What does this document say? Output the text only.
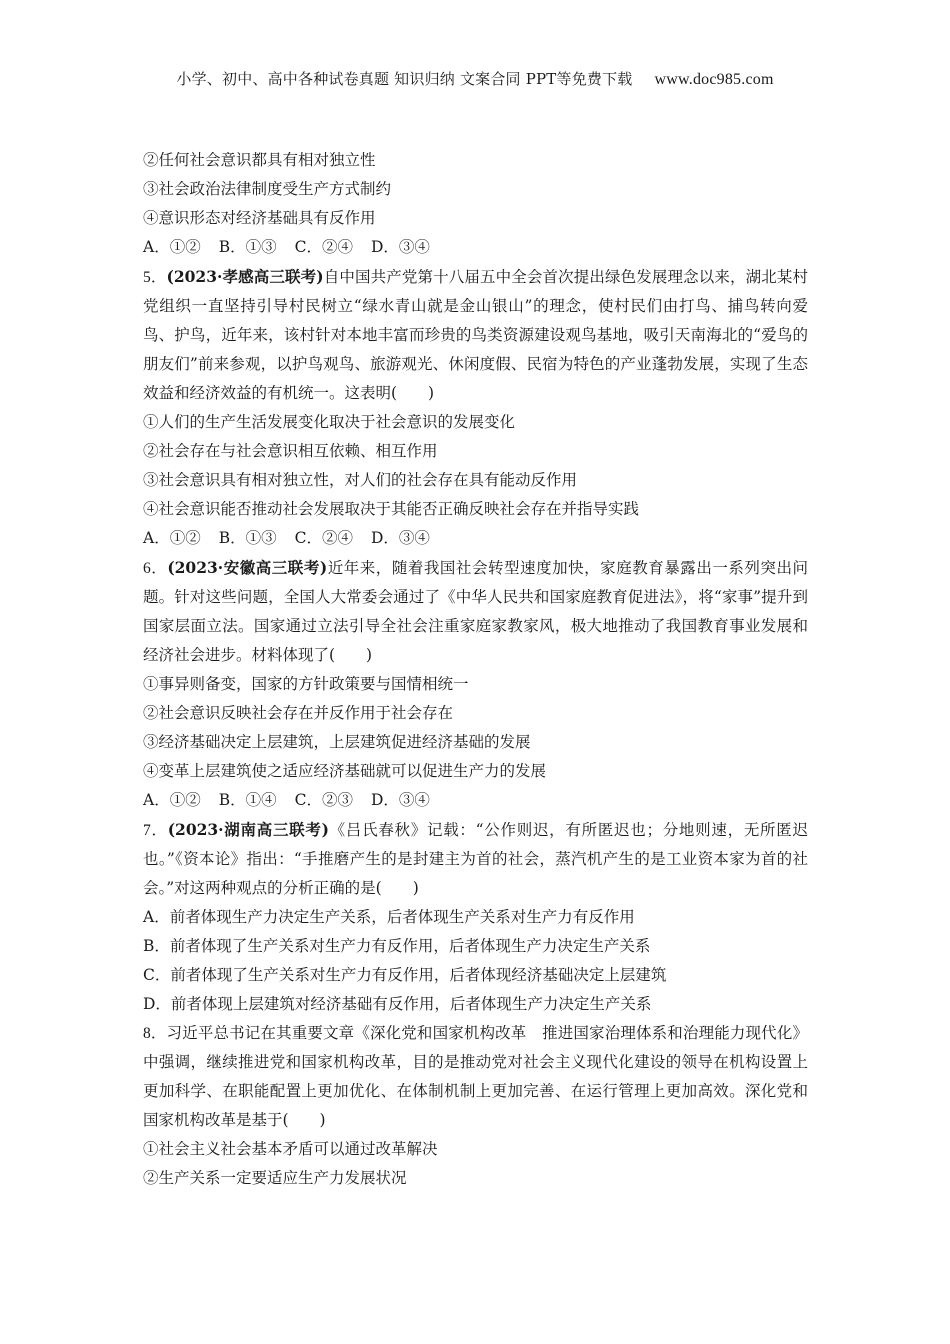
小学、初中、高中各种试卷真题 知识归纳 文案合同 PPT等免费下载 www.doc985.com
②任何社会意识都具有相对独立性
③社会政治法律制度受生产方式制约
④意识形态对经济基础具有反作用
A．①② B．①③ C．②④ D．③④
5．(2023·孝感高三联考)自中国共产党第十八届五中全会首次提出绿色发展理念以来，湖北某村党组织一直坚持引导村民树立“绿水青山就是金山银山”的理念，使村民们由打鸟、捕鸟转向爱鸟、护鸟，近年来，该村针对本地丰富而珍贵的鸟类资源建设观鸟基地，吸引天南海北的“爱鸟的朋友们”前来参观，以护鸟观鸟、旅游观光、休闲度假、民宿为特色的产业蓬勃发展，实现了生态效益和经济效益的有机统一。这表明(　　)
①人们的生产生活发展变化取决于社会意识的发展变化
②社会存在与社会意识相互依赖、相互作用
③社会意识具有相对独立性，对人们的社会存在具有能动反作用
④社会意识能否推动社会发展取决于其能否正确反映社会存在并指导实践
A．①② B．①③ C．②④ D．③④
6．(2023·安徽高三联考)近年来，随着我国社会转型速度加快，家庭教育暴露出一系列突出问题。针对这些问题，全国人大常委会通过了《中华人民共和国家庭教育促进法》，将“家事”提升到国家层面立法。国家通过立法引导全社会注重家庭家教家风，极大地推动了我国教育事业发展和经济社会进步。材料体现了(　　)
①事异则备变，国家的方针政策要与国情相统一
②社会意识反映社会存在并反作用于社会存在
③经济基础决定上层建筑，上层建筑促进经济基础的发展
④变革上层建筑使之适应经济基础就可以促进生产力的发展
A．①② B．①④ C．②③ D．③④
7．(2023·湖南高三联考)《吕氏春秋》记载：“公作则迟，有所匿迟也；分地则速，无所匿迟也。”《资本论》指出：“手推磨产生的是封建主为首的社会，蒸汽机产生的是工业资本家为首的社会。”对这两种观点的分析正确的是(　　)
A．前者体现生产力决定生产关系，后者体现生产关系对生产力有反作用
B．前者体现了生产关系对生产力有反作用，后者体现生产力决定生产关系
C．前者体现了生产关系对生产力有反作用，后者体现经济基础决定上层建筑
D．前者体现上层建筑对经济基础有反作用，后者体现生产力决定生产关系
8．习近平总书记在其重要文章《深化党和国家机构改革　推进国家治理体系和治理能力现代化》中强调，继续推进党和国家机构改革，目的是推动党对社会主义现代化建设的领导在机构设置上更加科学、在职能配置上更加优化、在体制机制上更加完善、在运行管理上更加高效。深化党和国家机构改革是基于(　　)
①社会主义社会基本矛盾可以通过改革解决
②生产关系一定要适应生产力发展状况
